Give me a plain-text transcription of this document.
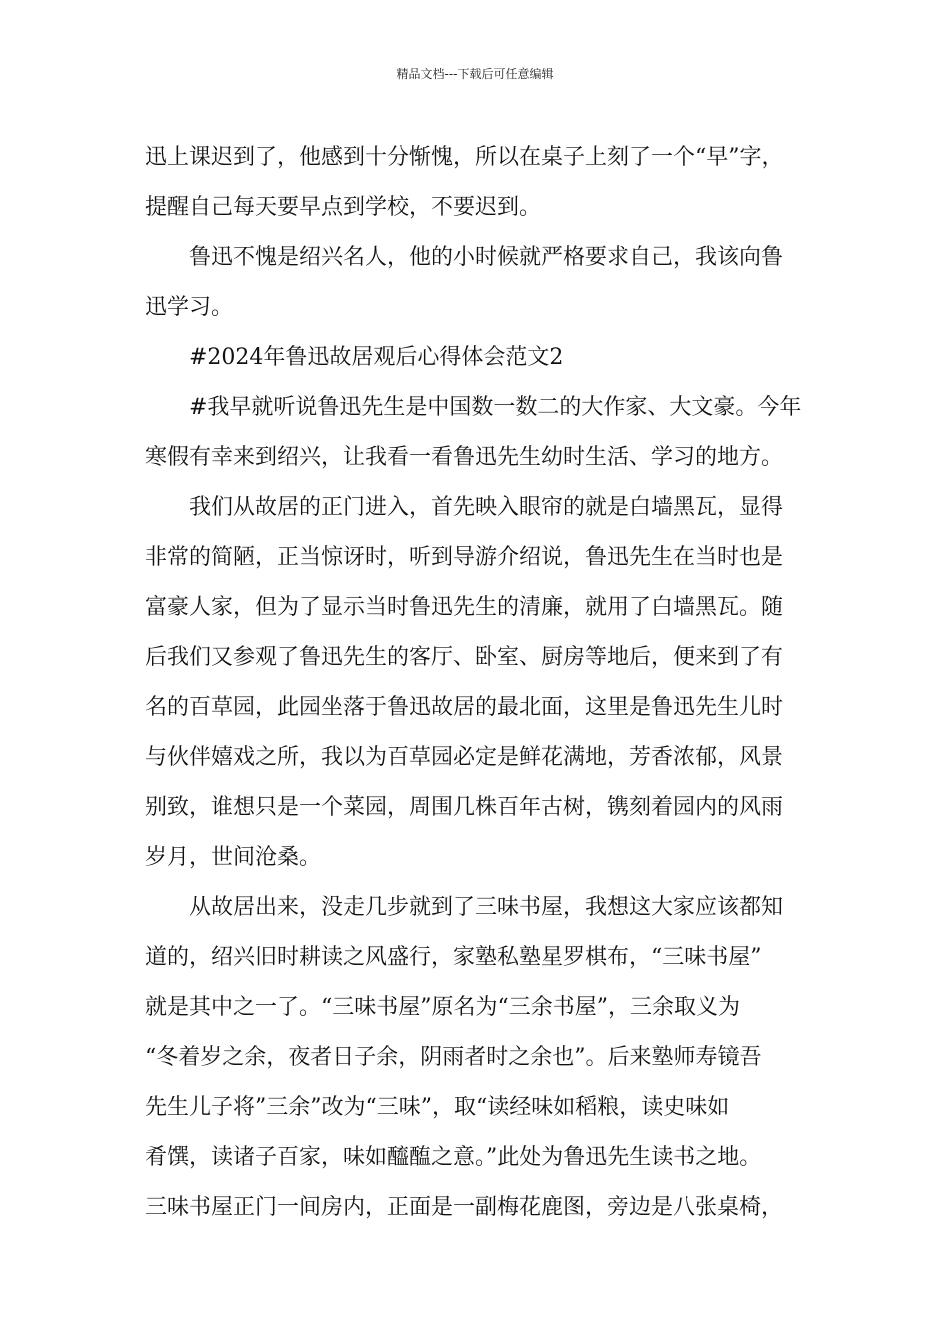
精品文档---下载后可任意编辑

迅上课迟到了，他感到十分惭愧，所以在桌子上刻了一个“早”字，
提醒自己每天要早点到学校，不要迟到。

鲁迅不愧是绍兴名人，他的小时候就严格要求自己，我该向鲁
迅学习。

#2024年鲁迅故居观后心得体会范文2

#我早就听说鲁迅先生是中国数一数二的大作家、大文豪。今年
寒假有幸来到绍兴，让我看一看鲁迅先生幼时生活、学习的地方。

我们从故居的正门进入，首先映入眼帘的就是白墙黑瓦，显得
非常的简陋，正当惊讶时，听到导游介绍说，鲁迅先生在当时也是
富豪人家，但为了显示当时鲁迅先生的清廉，就用了白墙黑瓦。随
后我们又参观了鲁迅先生的客厅、卧室、厨房等地后，便来到了有
名的百草园，此园坐落于鲁迅故居的最北面，这里是鲁迅先生儿时
与伙伴嬉戏之所，我以为百草园必定是鲜花满地，芳香浓郁，风景
别致，谁想只是一个菜园，周围几株百年古树，镌刻着园内的风雨
岁月，世间沧桑。

从故居出来，没走几步就到了三味书屋，我想这大家应该都知
道的，绍兴旧时耕读之风盛行，家塾私塾星罗棋布，“三味书屋”
就是其中之一了。“三味书屋”原名为“三余书屋”，三余取义为
“冬着岁之余，夜者日子余，阴雨者时之余也”。后来塾师寿镜吾
先生儿子将”三余”改为“三味”，取“读经味如稻粮，读史味如
肴馔，读诸子百家，味如醯醢之意。”此处为鲁迅先生读书之地。
三味书屋正门一间房内，正面是一副梅花鹿图，旁边是八张桌椅，
